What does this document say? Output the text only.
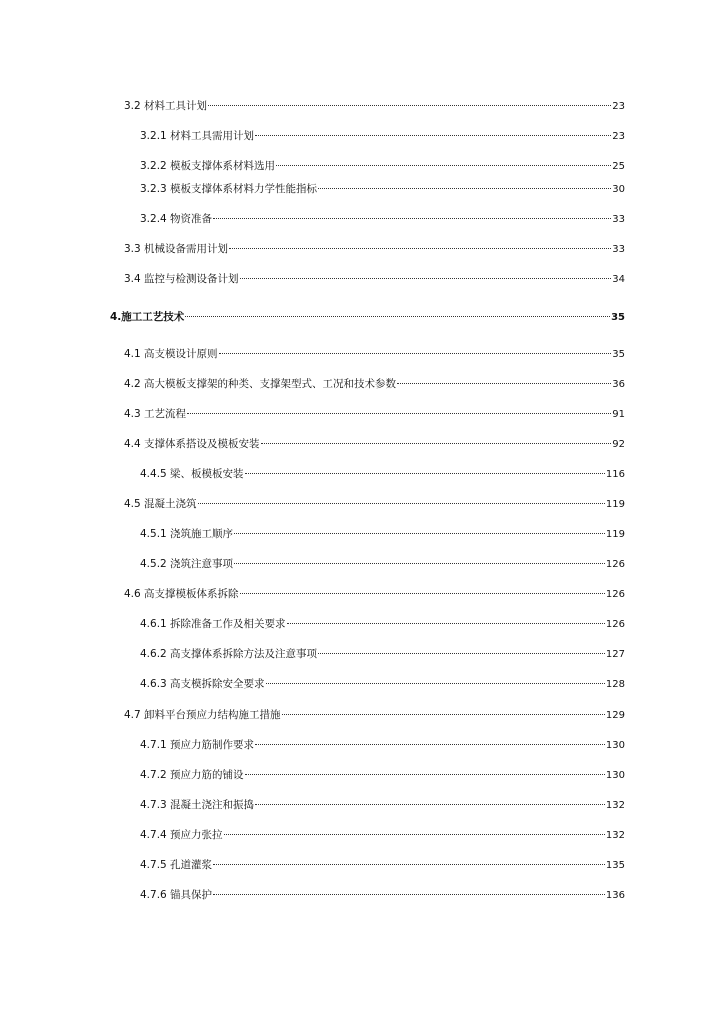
3.2 材料工具计划	23
3.2.1 材料工具需用计划	23
3.2.2 模板支撑体系材料选用	25
3.2.3 模板支撑体系材料力学性能指标	30
3.2.4 物资准备	33
3.3 机械设备需用计划	33
3.4 监控与检测设备计划	34
4.施工工艺技术	35
4.1 高支模设计原则	35
4.2 高大模板支撑架的种类、支撑架型式、工况和技术参数	36
4.3 工艺流程	91
4.4 支撑体系搭设及模板安装	92
4.4.5 梁、板模板安装	116
4.5 混凝土浇筑	119
4.5.1 浇筑施工顺序	119
4.5.2 浇筑注意事项	126
4.6 高支撑模板体系拆除	126
4.6.1 拆除准备工作及相关要求	126
4.6.2 高支撑体系拆除方法及注意事项	127
4.6.3 高支模拆除安全要求	128
4.7 卸料平台预应力结构施工措施	129
4.7.1 预应力筋制作要求	130
4.7.2 预应力筋的铺设	130
4.7.3 混凝土浇注和振捣	132
4.7.4 预应力张拉	132
4.7.5 孔道灌浆	135
4.7.6 锚具保护	136
